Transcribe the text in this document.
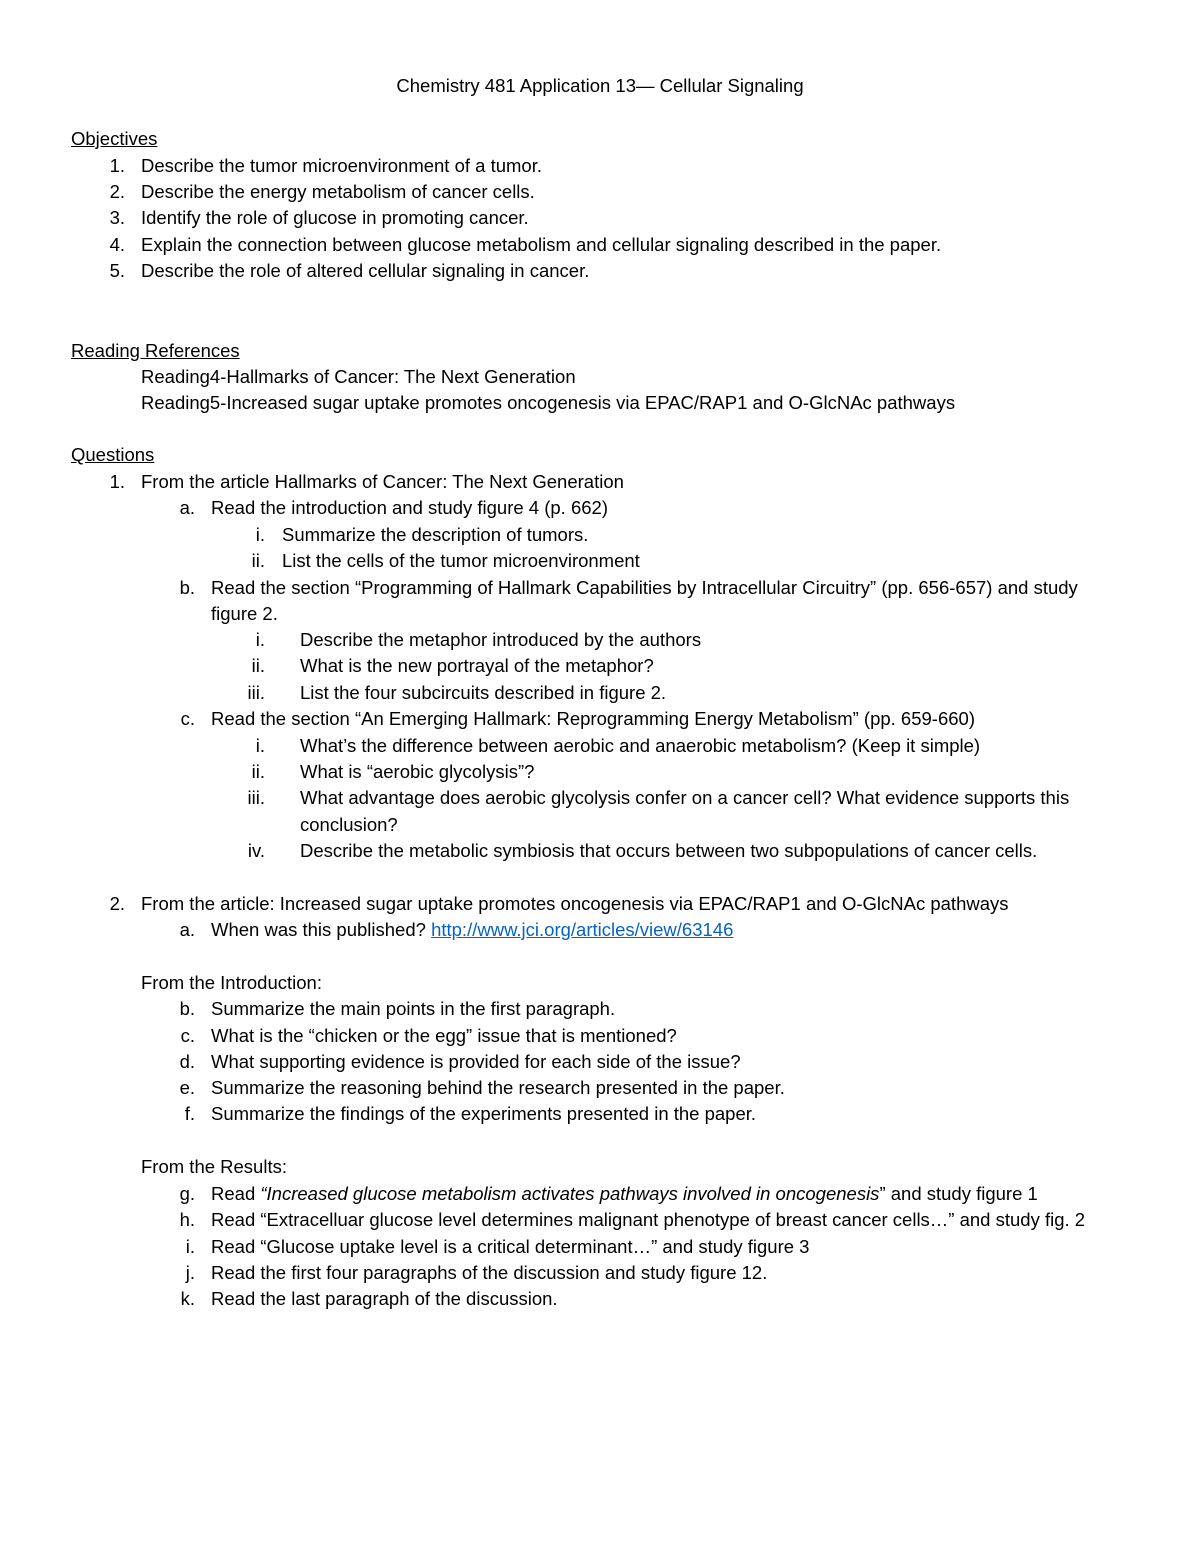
Chemistry 481 Application 13— Cellular Signaling
Objectives
1. Describe the tumor microenvironment of a tumor.
2. Describe the energy metabolism of cancer cells.
3. Identify the role of glucose in promoting cancer.
4. Explain the connection between glucose metabolism and cellular signaling described in the paper.
5. Describe the role of altered cellular signaling in cancer.
Reading References
Reading4-Hallmarks of Cancer: The Next Generation
Reading5-Increased sugar uptake promotes oncogenesis via EPAC/RAP1 and O-GlcNAc pathways
Questions
1. From the article Hallmarks of Cancer: The Next Generation
a. Read the introduction and study figure 4 (p. 662)
i. Summarize the description of tumors.
ii. List the cells of the tumor microenvironment
b. Read the section “Programming of Hallmark Capabilities by Intracellular Circuitry” (pp. 656-657) and study
figure 2.
i. Describe the metaphor introduced by the authors
ii. What is the new portrayal of the metaphor?
iii. List the four subcircuits described in figure 2.
c. Read the section “An Emerging Hallmark: Reprogramming Energy Metabolism” (pp. 659-660)
i. What’s the difference between aerobic and anaerobic metabolism? (Keep it simple)
ii. What is “aerobic glycolysis”?
iii. What advantage does aerobic glycolysis confer on a cancer cell? What evidence supports this
conclusion?
iv. Describe the metabolic symbiosis that occurs between two subpopulations of cancer cells.
2. From the article: Increased sugar uptake promotes oncogenesis via EPAC/RAP1 and O-GlcNAc pathways
a. When was this published? http://www.jci.org/articles/view/63146
From the Introduction:
b. Summarize the main points in the first paragraph.
c. What is the “chicken or the egg” issue that is mentioned?
d. What supporting evidence is provided for each side of the issue?
e. Summarize the reasoning behind the research presented in the paper.
f. Summarize the findings of the experiments presented in the paper.
From the Results:
g. Read “Increased glucose metabolism activates pathways involved in oncogenesis” and study figure 1
h. Read “Extracelluar glucose level determines malignant phenotype of breast cancer cells…” and study fig. 2
i. Read “Glucose uptake level is a critical determinant…” and study figure 3
j. Read the first four paragraphs of the discussion and study figure 12.
k. Read the last paragraph of the discussion.
